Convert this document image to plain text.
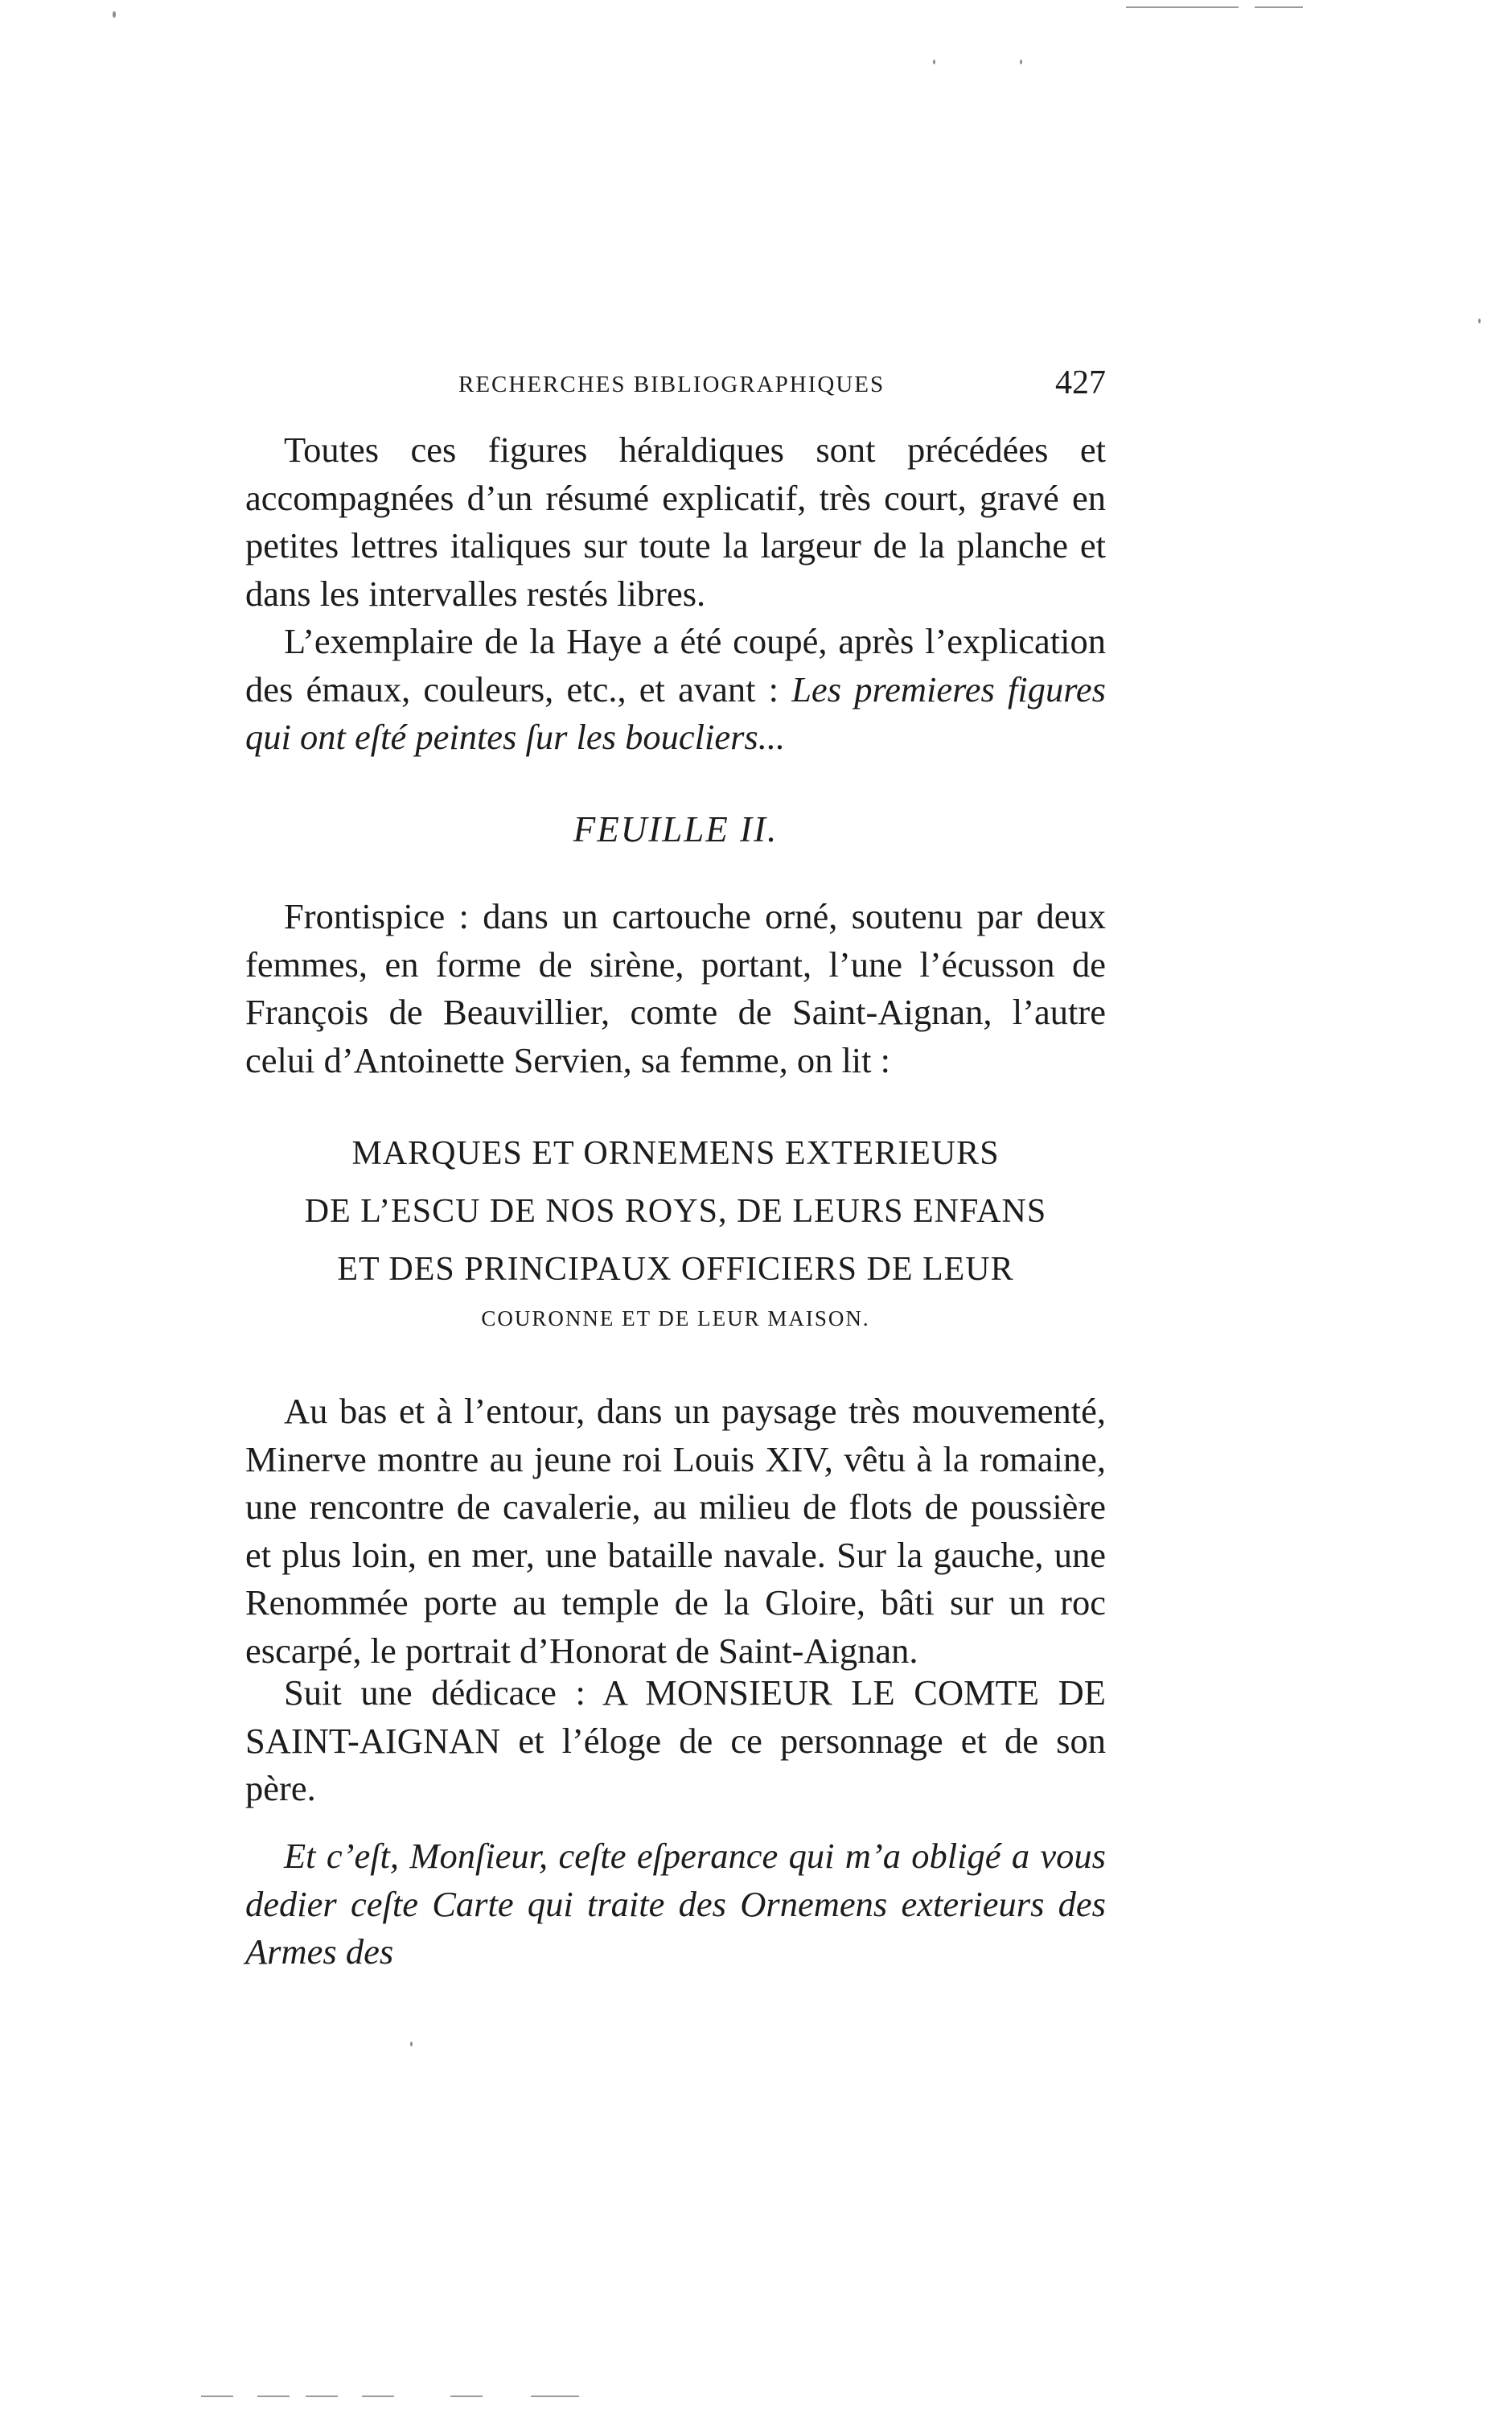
RECHERCHES BIBLIOGRAPHIQUES	427

Toutes ces figures héraldiques sont précédées et accompagnées d’un résumé explicatif, très court, gravé en petites lettres italiques sur toute la largeur de la planche et dans les intervalles restés libres.

L’exemplaire de la Haye a été coupé, après l’explication des émaux, couleurs, etc., et avant : Les premieres figures qui ont eſté peintes ſur les boucliers...

FEUILLE II.

Frontispice : dans un cartouche orné, soutenu par deux femmes, en forme de sirène, portant, l’une l’écusson de François de Beauvillier, comte de Saint-Aignan, l’autre celui d’Antoinette Servien, sa femme, on lit :

MARQUES ET ORNEMENS EXTERIEURS
DE L’ESCU DE NOS ROYS, DE LEURS ENFANS
ET DES PRINCIPAUX OFFICIERS DE LEUR
COURONNE ET DE LEUR MAISON.

Au bas et à l’entour, dans un paysage très mouvementé, Minerve montre au jeune roi Louis XIV, vêtu à la romaine, une rencontre de cavalerie, au milieu de flots de poussière et plus loin, en mer, une bataille navale. Sur la gauche, une Renommée porte au temple de la Gloire, bâti sur un roc escarpé, le portrait d’Honorat de Saint-Aignan.

Suit une dédicace : A MONSIEUR LE COMTE DE SAINT-AIGNAN et l’éloge de ce personnage et de son père.

Et c’eſt, Monſieur, ceſte eſperance qui m’a obligé a vous dedier ceſte Carte qui traite des Ornemens exterieurs des Armes des
